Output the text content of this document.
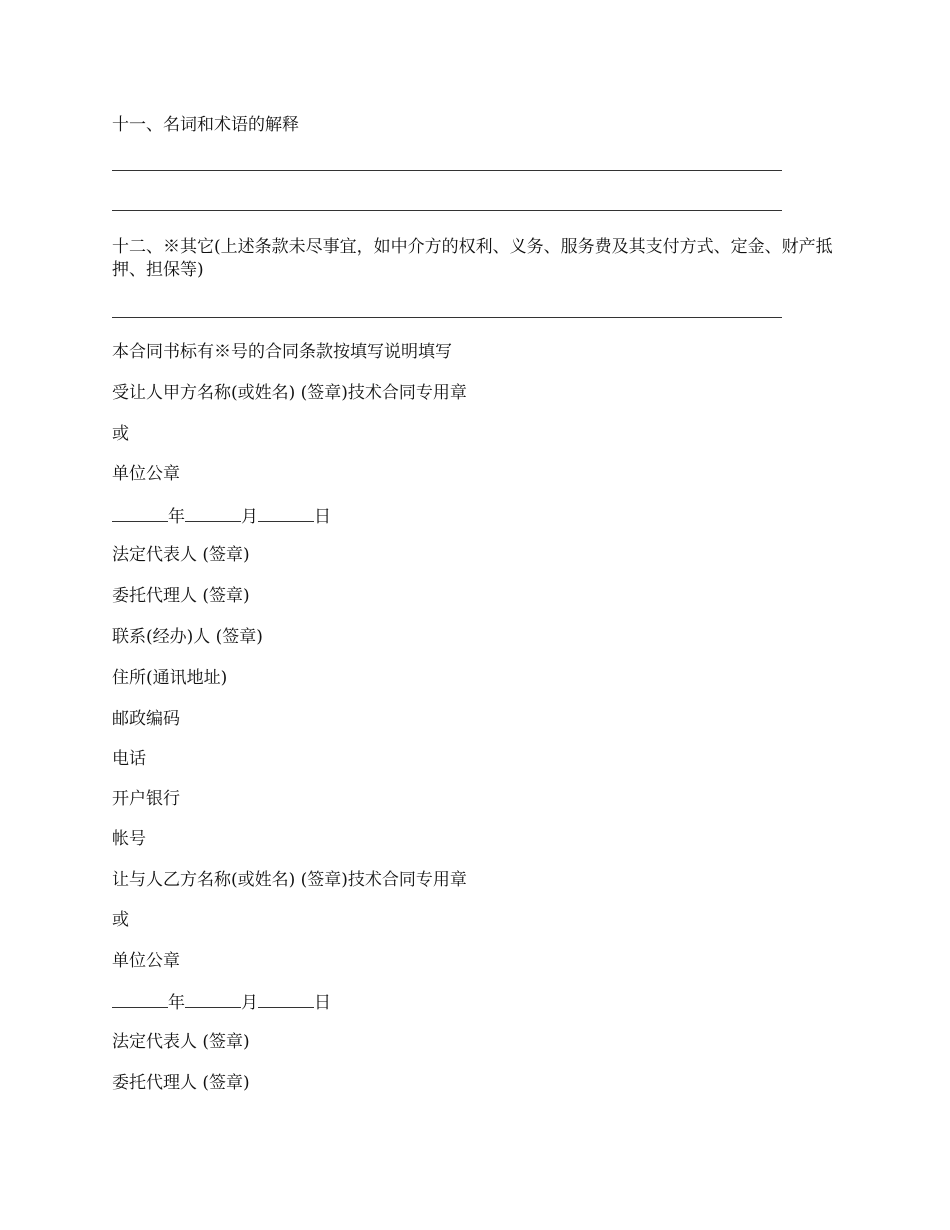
十一、名词和术语的解释
十二、※其它(上述条款未尽事宜，如中介方的权利、义务、服务费及其支付方式、定金、财产抵押、担保等)
本合同书标有※号的合同条款按填写说明填写
受让人甲方名称(或姓名) (签章)技术合同专用章
或
单位公章
年	月	日
法定代表人 (签章)
委托代理人 (签章)
联系(经办)人 (签章)
住所(通讯地址)
邮政编码
电话
开户银行
帐号
让与人乙方名称(或姓名) (签章)技术合同专用章
或
单位公章
年	月	日
法定代表人 (签章)
委托代理人 (签章)
